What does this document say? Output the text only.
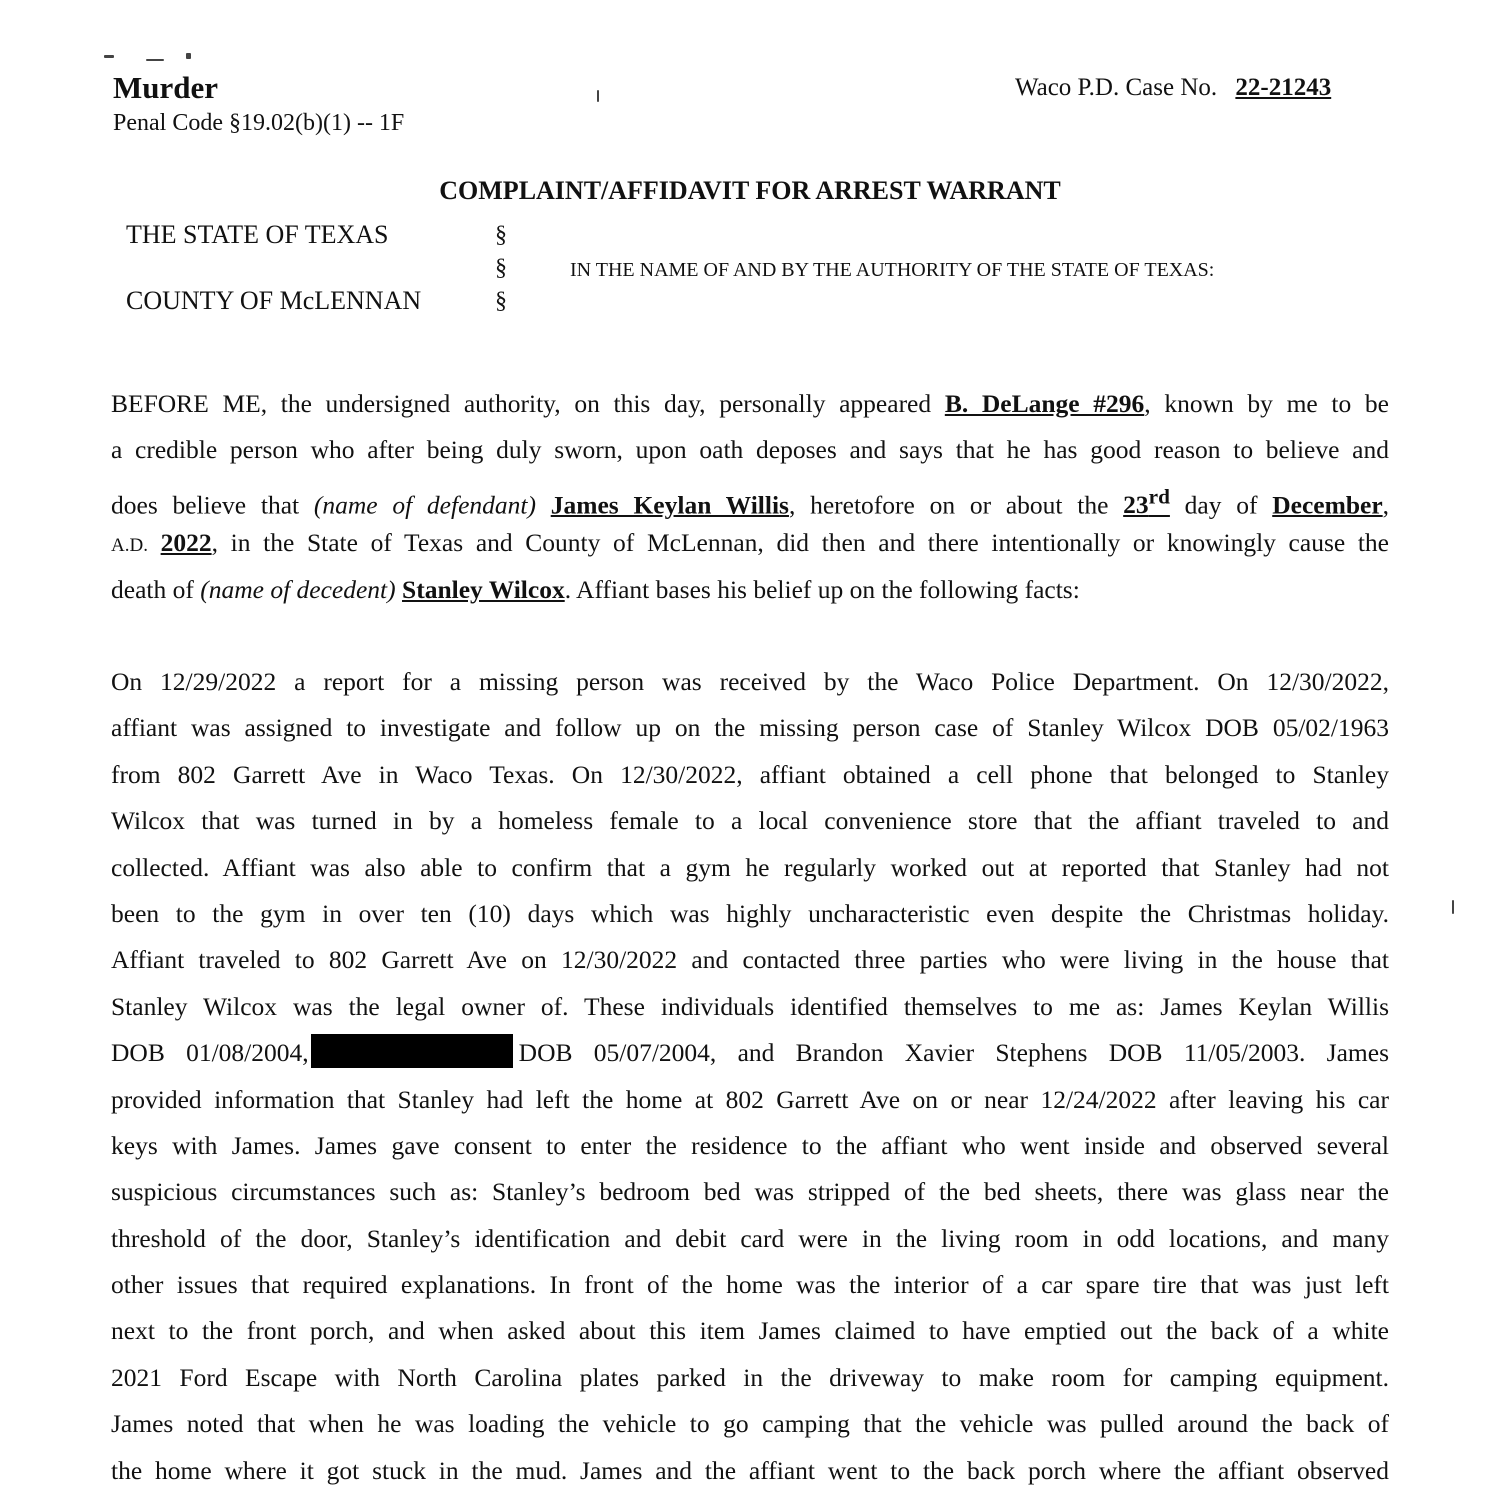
Murder
Penal Code §19.02(b)(1) -- 1F
Waco P.D. Case No. 22-21243
COMPLAINT/AFFIDAVIT FOR ARREST WARRANT
THE STATE OF TEXAS
COUNTY OF McLENNAN
§
§
§
IN THE NAME OF AND BY THE AUTHORITY OF THE STATE OF TEXAS:
BEFORE ME, the undersigned authority, on this day, personally appeared B. DeLange #296, known by me to be
a credible person who after being duly sworn, upon oath deposes and says that he has good reason to believe and
does believe that (name of defendant) James Keylan Willis, heretofore on or about the 23rd day of December,
A.D. 2022, in the State of Texas and County of McLennan, did then and there intentionally or knowingly cause the
death of (name of decedent) Stanley Wilcox. Affiant bases his belief up on the following facts:
On 12/29/2022 a report for a missing person was received by the Waco Police Department. On 12/30/2022,
affiant was assigned to investigate and follow up on the missing person case of Stanley Wilcox DOB 05/02/1963
from 802 Garrett Ave in Waco Texas. On 12/30/2022, affiant obtained a cell phone that belonged to Stanley
Wilcox that was turned in by a homeless female to a local convenience store that the affiant traveled to and
collected. Affiant was also able to confirm that a gym he regularly worked out at reported that Stanley had not
been to the gym in over ten (10) days which was highly uncharacteristic even despite the Christmas holiday.
Affiant traveled to 802 Garrett Ave on 12/30/2022 and contacted three parties who were living in the house that
Stanley Wilcox was the legal owner of. These individuals identified themselves to me as: James Keylan Willis
DOB 01/08/2004,	DOB 05/07/2004, and Brandon Xavier Stephens DOB 11/05/2003. James
provided information that Stanley had left the home at 802 Garrett Ave on or near 12/24/2022 after leaving his car
keys with James. James gave consent to enter the residence to the affiant who went inside and observed several
suspicious circumstances such as: Stanley’s bedroom bed was stripped of the bed sheets, there was glass near the
threshold of the door, Stanley’s identification and debit card were in the living room in odd locations, and many
other issues that required explanations. In front of the home was the interior of a car spare tire that was just left
next to the front porch, and when asked about this item James claimed to have emptied out the back of a white
2021 Ford Escape with North Carolina plates parked in the driveway to make room for camping equipment.
James noted that when he was loading the vehicle to go camping that the vehicle was pulled around the back of
the home where it got stuck in the mud. James and the affiant went to the back porch where the affiant observed
